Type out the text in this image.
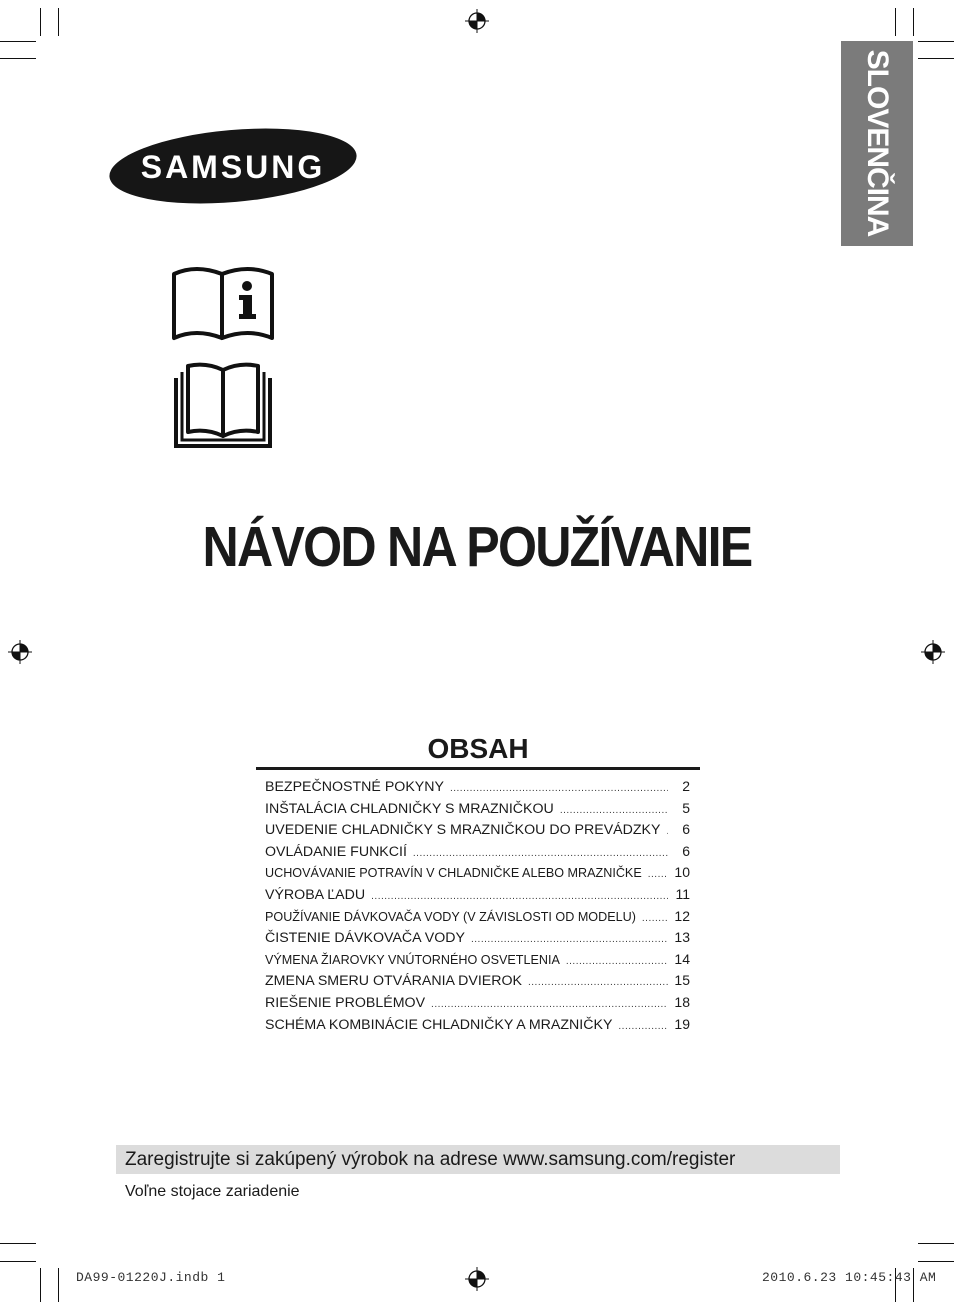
SLOVENČINA
SAMSUNG
NÁVOD NA POUŽÍVANIE
OBSAH
BEZPEČNOSTNÉ POKYNY .....	2
INŠTALÁCIA CHLADNIČKY S MRAZNIČKOU .....	5
UVEDENIE CHLADNIČKY S MRAZNIČKOU DO PREVÁDZKY .....	6
OVLÁDANIE FUNKCIÍ .....	6
UCHOVÁVANIE POTRAVÍN V CHLADNIČKE ALEBO MRAZNIČKE ..... 10
VÝROBA ĽADU .....	11
POUŽÍVANIE DÁVKOVAČA VODY (V ZÁVISLOSTI OD MODELU) .....	12
ČISTENIE DÁVKOVAČA VODY .....	13
VÝMENA ŽIAROVKY VNÚTORNÉHO OSVETLENIA .....	14
ZMENA SMERU OTVÁRANIA DVIEROK .....	15
RIEŠENIE PROBLÉMOV .....	18
SCHÉMA KOMBINÁCIE CHLADNIČKY A MRAZNIČKY .....	19
Zaregistrujte si zakúpený výrobok na adrese www.samsung.com/register
Voľne stojace zariadenie
DA99-01220J.indb 1	2010.6.23 10:45:43 AM
